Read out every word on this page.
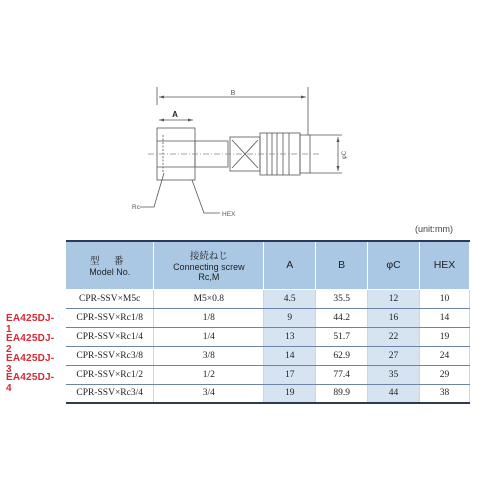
B
A
φC
Rc
HEX
(unit:mm)
EA425DJ-1
EA425DJ-2
EA425DJ-3
EA425DJ-4
型 番
Model No.	接続ねじ
Connecting screw
Rc,M	A	B	φC	HEX
CPR-SSV×M5c	M5×0.8	4.5	35.5	12	10
CPR-SSV×Rc1/8	1/8	9	44.2	16	14
CPR-SSV×Rc1/4	1/4	13	51.7	22	19
CPR-SSV×Rc3/8	3/8	14	62.9	27	24
CPR-SSV×Rc1/2	1/2	17	77.4	35	29
CPR-SSV×Rc3/4	3/4	19	89.9	44	38
